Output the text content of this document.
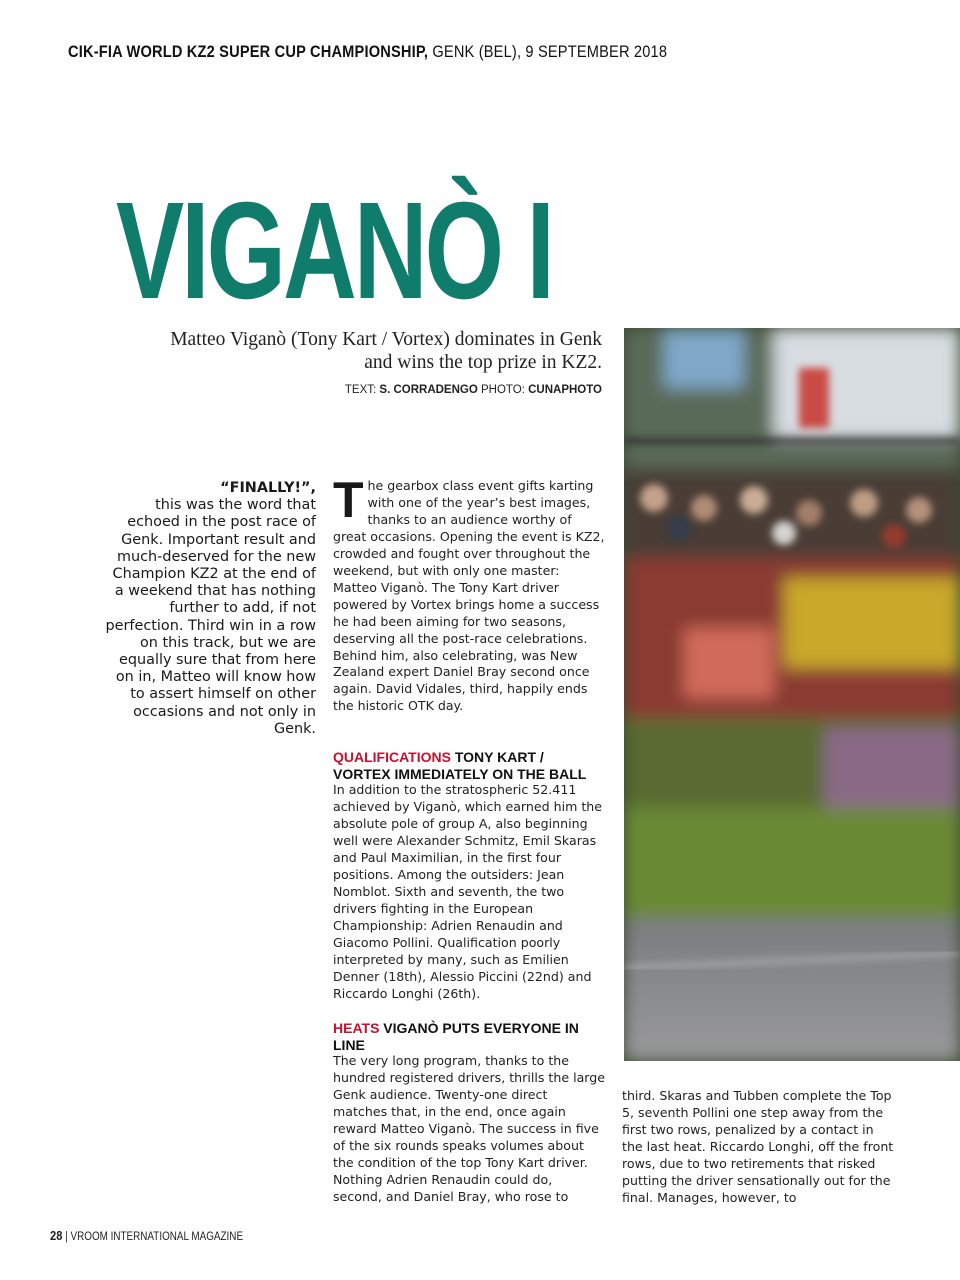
CIK-FIA WORLD KZ2 SUPER CUP CHAMPIONSHIP, GENK (BEL), 9 SEPTEMBER 2018
VIGANÒ I
Matteo Viganò (Tony Kart / Vortex) dominates in Genk and wins the top prize in KZ2.
TEXT: S. CORRADENGO PHOTO: CUNAPHOTO
“FINALLY!”,
this was the word that echoed in the post race of Genk. Important result and much-deserved for the new Champion KZ2 at the end of a weekend that has nothing further to add, if not perfection. Third win in a row on this track, but we are equally sure that from here on in, Matteo will know how to assert himself on other occasions and not only in Genk.
T he gearbox class event gifts karting with one of the year’s best images, thanks to an audience worthy of great occasions. Opening the event is KZ2, crowded and fought over throughout the weekend, but with only one master: Matteo Viganò. The Tony Kart driver powered by Vortex brings home a success he had been aiming for two seasons, deserving all the post-race celebrations. Behind him, also celebrating, was New Zealand expert Daniel Bray second once again. David Vidales, third, happily ends the historic OTK day.

QUALIFICATIONS TONY KART / VORTEX IMMEDIATELY ON THE BALL

In addition to the stratospheric 52.411 achieved by Viganò, which earned him the absolute pole of group A, also beginning well were Alexander Schmitz, Emil Skaras and Paul Maximilian, in the first four positions. Among the outsiders: Jean Nomblot. Sixth and seventh, the two drivers fighting in the European Championship: Adrien Renaudin and Giacomo Pollini. Qualification poorly interpreted by many, such as Emilien Denner (18th), Alessio Piccini (22nd) and Riccardo Longhi (26th).

HEATS VIGANÒ PUTS EVERYONE IN LINE

The very long program, thanks to the hundred registered drivers, thrills the large Genk audience. Twenty-one direct matches that, in the end, once again reward Matteo Viganò. The success in five of the six rounds speaks volumes about the condition of the top Tony Kart driver. Nothing Adrien Renaudin could do, second, and Daniel Bray, who rose to

third. Skaras and Tubben complete the Top 5, seventh Pollini one step away from the first two rows, penalized by a contact in the last heat. Riccardo Longhi, off the front rows, due to two retirements that risked putting the driver sensationally out for the final. Manages, however, to
28 | VROOM INTERNATIONAL MAGAZINE
